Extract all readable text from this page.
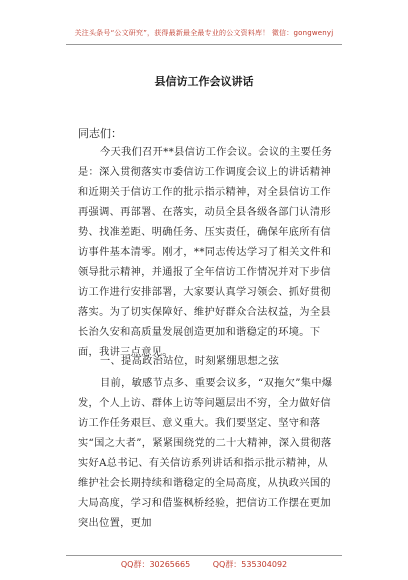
关注头条号“公文研究”，获得最新最全最专业的公文资料库！ 微信：gongwenyj
县信访工作会议讲话
同志们：
今天我们召开**县信访工作会议。会议的主要任务是：深入贯彻落实市委信访工作调度会议上的讲话精神和近期关于信访工作的批示指示精神，对全县信访工作再强调、再部署、在落实，动员全县各级各部门认清形势、找准差距、明确任务、压实责任，确保年底所有信访事件基本清零。刚才，**同志传达学习了相关文件和领导批示精神，并通报了全年信访工作情况并对下步信访工作进行安排部署，大家要认真学习领会、抓好贯彻落实。为了切实保障好、维护好群众合法权益，为全县长治久安和高质量发展创造更加和谐稳定的环境。下面，我讲三点意见。
一、提高政治站位，时刻紧绷思想之弦
目前，敏感节点多、重要会议多，“双拖欠”集中爆发，个人上访、群体上访等问题层出不穷，全力做好信访工作任务艰巨、意义重大。我们要坚定、坚守和落实“国之大者”，紧紧围绕党的二十大精神，深入贯彻落实好A总书记、有关信访系列讲话和指示批示精神，从维护社会长期持续和谐稳定的全局高度，从执政兴国的大局高度，学习和借鉴枫桥经验，把信访工作摆在更加突出位置，更加
QQ群：30265665	QQ群：535304092
